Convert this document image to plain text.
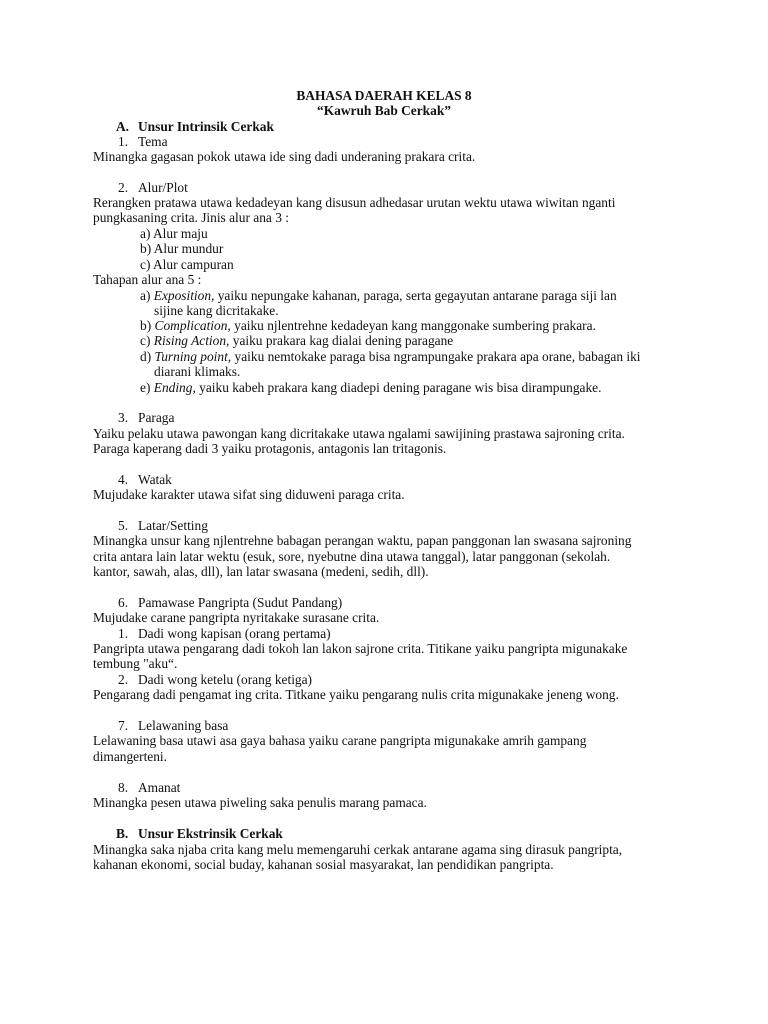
BAHASA DAERAH KELAS 8
“Kawruh Bab Cerkak”
A. Unsur Intrinsik Cerkak
1. Tema
Minangka gagasan pokok utawa ide sing dadi underaning prakara crita.
2. Alur/Plot
Rerangken pratawa utawa kedadeyan kang disusun adhedasar urutan wektu utawa wiwitan nganti
pungkasaning crita. Jinis alur ana 3 :
a) Alur maju
b) Alur mundur
c) Alur campuran
Tahapan alur ana 5 :
a) Exposition, yaiku nepungake kahanan, paraga, serta gegayutan antarane paraga siji lan
sijine kang dicritakake.
b) Complication, yaiku njlentrehne kedadeyan kang manggonake sumbering prakara.
c) Rising Action, yaiku prakara kag dialai dening paragane
d) Turning point, yaiku nemtokake paraga bisa ngrampungake prakara apa orane, babagan iki
diarani klimaks.
e) Ending, yaiku kabeh prakara kang diadepi dening paragane wis bisa dirampungake.
3. Paraga
Yaiku pelaku utawa pawongan kang dicritakake utawa ngalami sawijining prastawa sajroning crita.
Paraga kaperang dadi 3 yaiku protagonis, antagonis lan tritagonis.
4. Watak
Mujudake karakter utawa sifat sing diduweni paraga crita.
5. Latar/Setting
Minangka unsur kang njlentrehne babagan perangan waktu, papan panggonan lan swasana sajroning
crita antara lain latar wektu (esuk, sore, nyebutne dina utawa tanggal), latar panggonan (sekolah.
kantor, sawah, alas, dll), lan latar swasana (medeni, sedih, dll).
6. Pamawase Pangripta (Sudut Pandang)
Mujudake carane pangripta nyritakake surasane crita.
1. Dadi wong kapisan (orang pertama)
Pangripta utawa pengarang dadi tokoh lan lakon sajrone crita. Titikane yaiku pangripta migunakake
tembung "aku“.
2. Dadi wong ketelu (orang ketiga)
Pengarang dadi pengamat ing crita. Titkane yaiku pengarang nulis crita migunakake jeneng wong.
7. Lelawaning basa
Lelawaning basa utawi asa gaya bahasa yaiku carane pangripta migunakake amrih gampang
dimangerteni.
8. Amanat
Minangka pesen utawa piweling saka penulis marang pamaca.
B. Unsur Ekstrinsik Cerkak
Minangka saka njaba crita kang melu memengaruhi cerkak antarane agama sing dirasuk pangripta,
kahanan ekonomi, social buday, kahanan sosial masyarakat, lan pendidikan pangripta.
